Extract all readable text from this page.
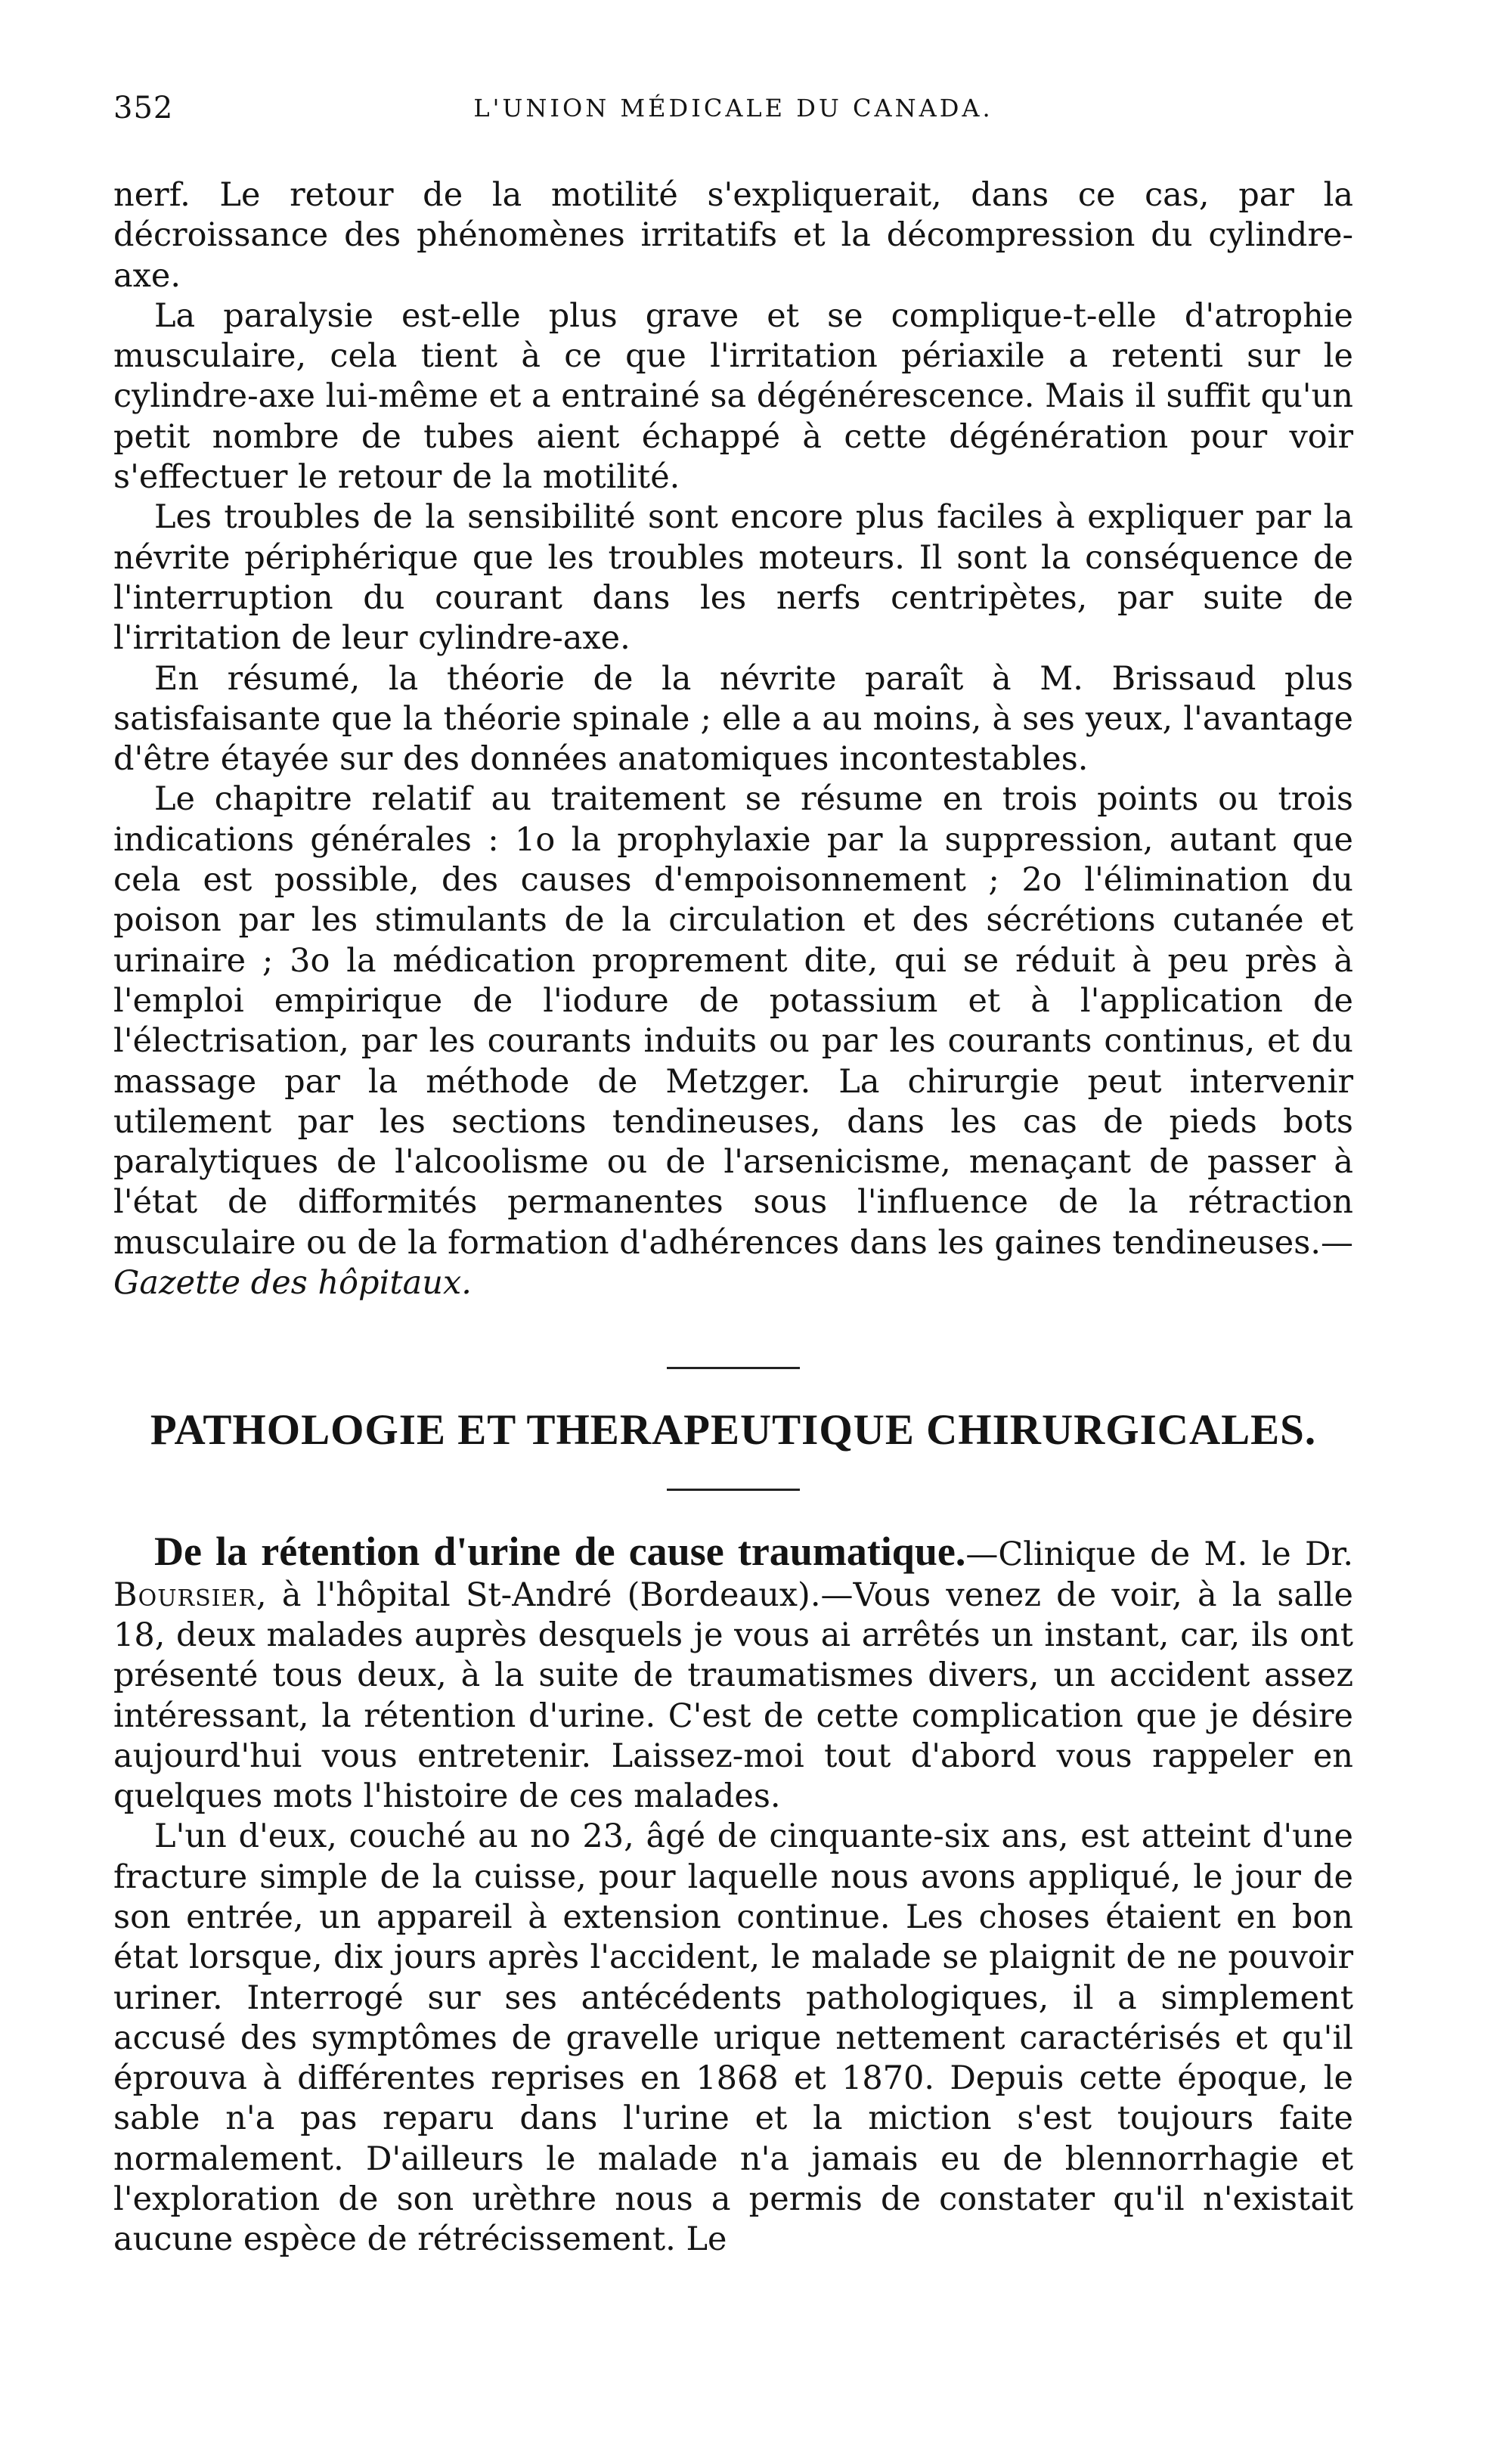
352	L'UNION MÉDICALE DU CANADA.

nerf. Le retour de la motilité s'expliquerait, dans ce cas, par la décroissance des phénomènes irritatifs et la décompression du cylindre-axe.

La paralysie est-elle plus grave et se complique-t-elle d'atrophie musculaire, cela tient à ce que l'irritation périaxile a retenti sur le cylindre-axe lui-même et a entrainé sa dégénérescence. Mais il suffit qu'un petit nombre de tubes aient échappé à cette dégénération pour voir s'effectuer le retour de la motilité.

Les troubles de la sensibilité sont encore plus faciles à expliquer par la névrite périphérique que les troubles moteurs. Il sont la conséquence de l'interruption du courant dans les nerfs centripètes, par suite de l'irritation de leur cylindre-axe.

En résumé, la théorie de la névrite paraît à M. Brissaud plus satisfaisante que la théorie spinale ; elle a au moins, à ses yeux, l'avantage d'être étayée sur des données anatomiques incontestables.

Le chapitre relatif au traitement se résume en trois points ou trois indications générales : 1o la prophylaxie par la suppression, autant que cela est possible, des causes d'empoisonnement ; 2o l'élimination du poison par les stimulants de la circulation et des sécrétions cutanée et urinaire ; 3o la médication proprement dite, qui se réduit à peu près à l'emploi empirique de l'iodure de potassium et à l'application de l'électrisation, par les courants induits ou par les courants continus, et du massage par la méthode de Metzger. La chirurgie peut intervenir utilement par les sections tendineuses, dans les cas de pieds bots paralytiques de l'alcoolisme ou de l'arsenicisme, menaçant de passer à l'état de difformités permanentes sous l'influence de la rétraction musculaire ou de la formation d'adhérences dans les gaines tendineuses.—Gazette des hôpitaux.

PATHOLOGIE ET THERAPEUTIQUE CHIRURGICALES.

De la rétention d'urine de cause traumatique.—Clinique de M. le Dr. Boursier, à l'hôpital St-André (Bordeaux).—Vous venez de voir, à la salle 18, deux malades auprès desquels je vous ai arrêtés un instant, car, ils ont présenté tous deux, à la suite de traumatismes divers, un accident assez intéressant, la rétention d'urine. C'est de cette complication que je désire aujourd'hui vous entretenir. Laissez-moi tout d'abord vous rappeler en quelques mots l'histoire de ces malades.

L'un d'eux, couché au no 23, âgé de cinquante-six ans, est atteint d'une fracture simple de la cuisse, pour laquelle nous avons appliqué, le jour de son entrée, un appareil à extension continue. Les choses étaient en bon état lorsque, dix jours après l'accident, le malade se plaignit de ne pouvoir uriner. Interrogé sur ses antécédents pathologiques, il a simplement accusé des symptômes de gravelle urique nettement caractérisés et qu'il éprouva à différentes reprises en 1868 et 1870. Depuis cette époque, le sable n'a pas reparu dans l'urine et la miction s'est toujours faite normalement. D'ailleurs le malade n'a jamais eu de blennorrhagie et l'exploration de son urèthre nous a permis de constater qu'il n'existait aucune espèce de rétrécissement. Le
